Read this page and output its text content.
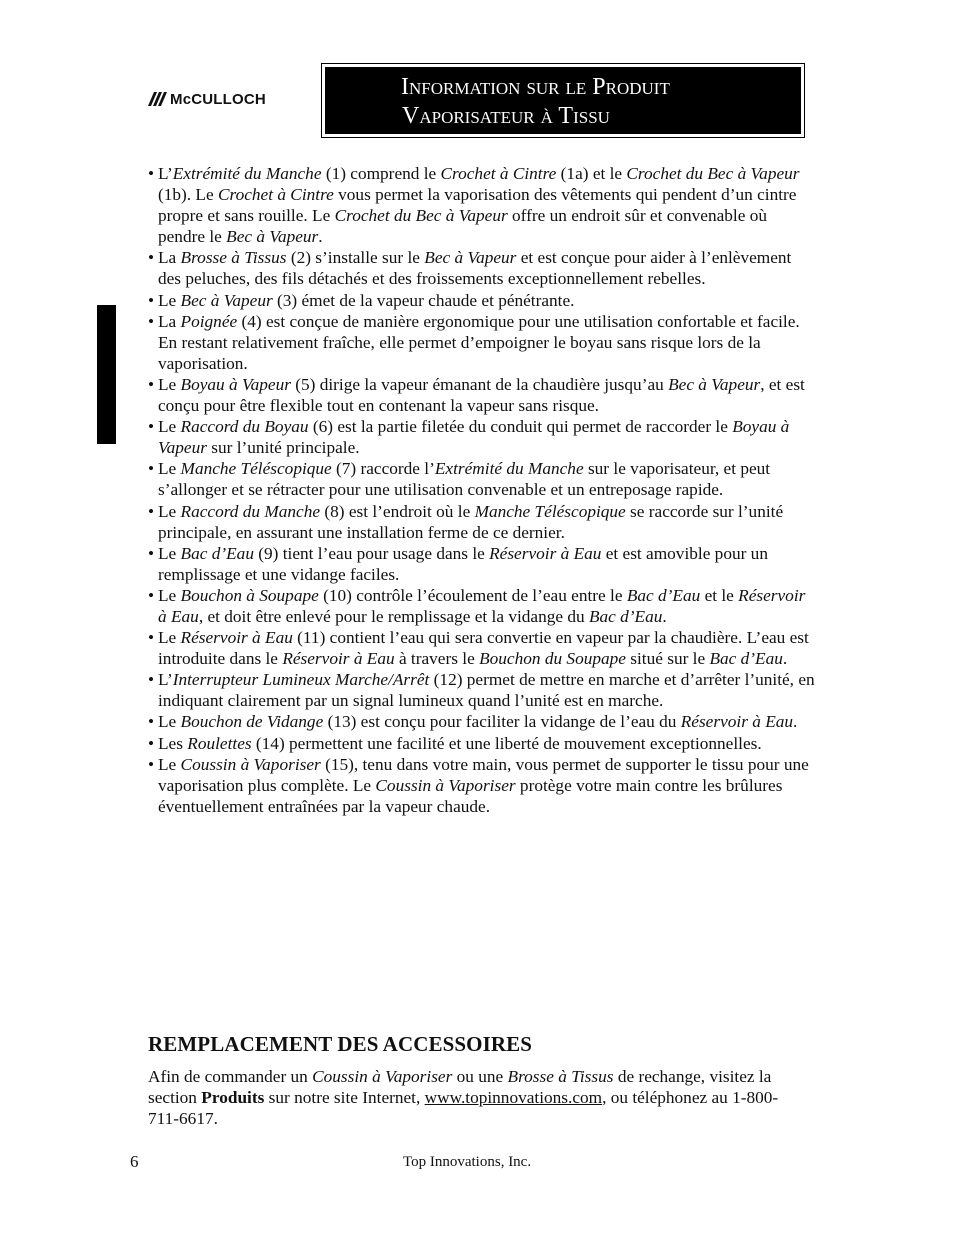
McCULLOCH	Information sur le Produit
Vaporisateur à Tissu
• L’Extrémité du Manche (1) comprend le Crochet à Cintre (1a) et le Crochet du Bec à Vapeur (1b). Le Crochet à Cintre vous permet la vaporisation des vêtements qui pendent d’un cintre propre et sans rouille. Le Crochet du Bec à Vapeur offre un endroit sûr et convenable où pendre le Bec à Vapeur.
• La Brosse à Tissus (2) s’installe sur le Bec à Vapeur et est conçue pour aider à l’enlèvement des peluches, des fils détachés et des froissements exceptionnellement rebelles.
• Le Bec à Vapeur (3) émet de la vapeur chaude et pénétrante.
• La Poignée (4) est conçue de manière ergonomique pour une utilisation confortable et facile. En restant relativement fraîche, elle permet d’empoigner le boyau sans risque lors de la vaporisation.
• Le Boyau à Vapeur (5) dirige la vapeur émanant de la chaudière jusqu’au Bec à Vapeur, et est conçu pour être flexible tout en contenant la vapeur sans risque.
• Le Raccord du Boyau (6) est la partie filetée du conduit qui permet de raccorder le Boyau à Vapeur sur l’unité principale.
• Le Manche Téléscopique (7) raccorde l’Extrémité du Manche sur le vaporisateur, et peut s’allonger et se rétracter pour une utilisation convenable et un entreposage rapide.
• Le Raccord du Manche (8) est l’endroit où le Manche Téléscopique se raccorde sur l’unité principale, en assurant une installation ferme de ce dernier.
• Le Bac d’Eau (9) tient l’eau pour usage dans le Réservoir à Eau et est amovible pour un remplissage et une vidange faciles.
• Le Bouchon à Soupape (10) contrôle l’écoulement de l’eau entre le Bac d’Eau et le Réservoir à Eau, et doit être enlevé pour le remplissage et la vidange du Bac d’Eau.
• Le Réservoir à Eau (11) contient l’eau qui sera convertie en vapeur par la chaudière. L’eau est introduite dans le Réservoir à Eau à travers le Bouchon du Soupape situé sur le Bac d’Eau.
• L’Interrupteur Lumineux Marche/Arrêt (12) permet de mettre en marche et d’arrêter l’unité, en indiquant clairement par un signal lumineux quand l’unité est en marche.
• Le Bouchon de Vidange (13) est conçu pour faciliter la vidange de l’eau du Réservoir à Eau.
• Les Roulettes (14) permettent une facilité et une liberté de mouvement exceptionnelles.
• Le Coussin à Vaporiser (15), tenu dans votre main, vous permet de supporter le tissu pour une vaporisation plus complète. Le Coussin à Vaporiser protège votre main contre les brûlures éventuellement entraînées par la vapeur chaude.
REMPLACEMENT DES ACCESSOIRES
Afin de commander un Coussin à Vaporiser ou une Brosse à Tissus de rechange, visitez la section Produits sur notre site Internet, www.topinnovations.com, ou téléphonez au 1-800-711-6617.
6	Top Innovations, Inc.
